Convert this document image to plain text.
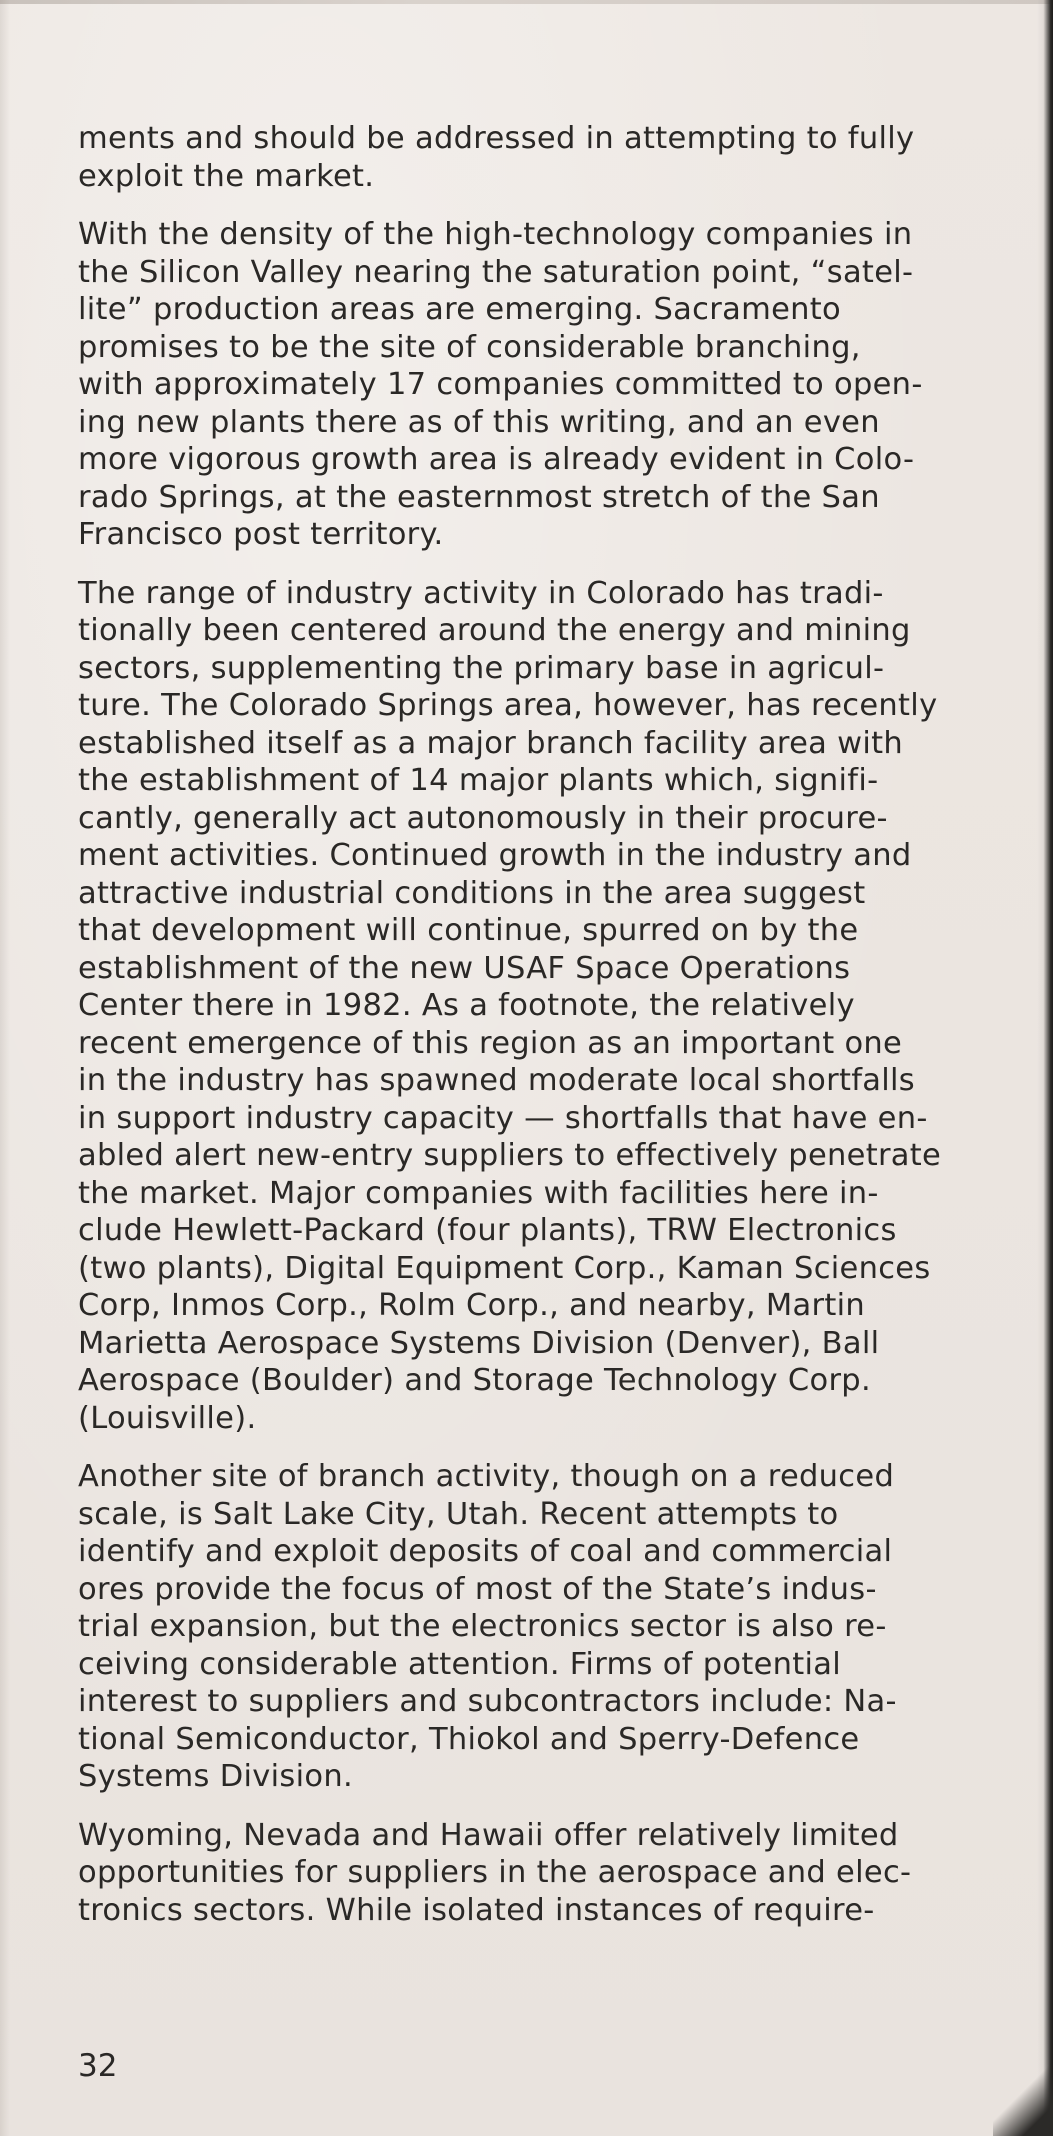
ments and should be addressed in attempting to fully
exploit the market.

With the density of the high-technology companies in
the Silicon Valley nearing the saturation point, “satel-
lite” production areas are emerging. Sacramento
promises to be the site of considerable branching,
with approximately 17 companies committed to open-
ing new plants there as of this writing, and an even
more vigorous growth area is already evident in Colo-
rado Springs, at the easternmost stretch of the San
Francisco post territory.

The range of industry activity in Colorado has tradi-
tionally been centered around the energy and mining
sectors, supplementing the primary base in agricul-
ture. The Colorado Springs area, however, has recently
established itself as a major branch facility area with
the establishment of 14 major plants which, signifi-
cantly, generally act autonomously in their procure-
ment activities. Continued growth in the industry and
attractive industrial conditions in the area suggest
that development will continue, spurred on by the
establishment of the new USAF Space Operations
Center there in 1982. As a footnote, the relatively
recent emergence of this region as an important one
in the industry has spawned moderate local shortfalls
in support industry capacity — shortfalls that have en-
abled alert new-entry suppliers to effectively penetrate
the market. Major companies with facilities here in-
clude Hewlett-Packard (four plants), TRW Electronics
(two plants), Digital Equipment Corp., Kaman Sciences
Corp, Inmos Corp., Rolm Corp., and nearby, Martin
Marietta Aerospace Systems Division (Denver), Ball
Aerospace (Boulder) and Storage Technology Corp.
(Louisville).

Another site of branch activity, though on a reduced
scale, is Salt Lake City, Utah. Recent attempts to
identify and exploit deposits of coal and commercial
ores provide the focus of most of the State’s indus-
trial expansion, but the electronics sector is also re-
ceiving considerable attention. Firms of potential
interest to suppliers and subcontractors include: Na-
tional Semiconductor, Thiokol and Sperry-Defence
Systems Division.

Wyoming, Nevada and Hawaii offer relatively limited
opportunities for suppliers in the aerospace and elec-
tronics sectors. While isolated instances of require-

32
